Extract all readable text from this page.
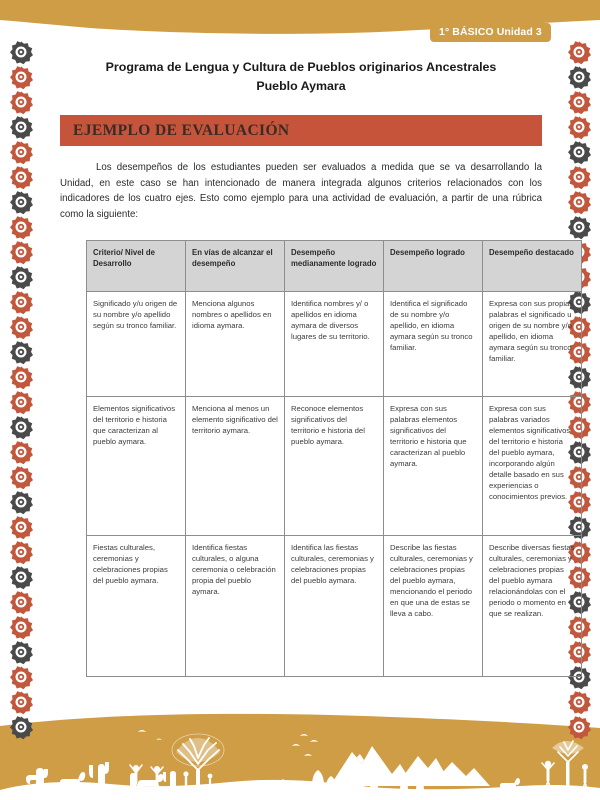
1° BÁSICO Unidad 3
Programa de Lengua y Cultura de Pueblos originarios Ancestrales
Pueblo Aymara
EJEMPLO DE EVALUACIÓN

Los desempeños de los estudiantes pueden ser evaluados a medida que se va desarrollando la Unidad, en este caso se han intencionado de manera integrada algunos criterios relacionados con los indicadores de los cuatro ejes. Esto como ejemplo para una actividad de evaluación, a partir de una rúbrica como la siguiente:

Criterio/ Nivel de Desarrollo	En vías de alcanzar el desempeño	Desempeño medianamente logrado	Desempeño logrado	Desempeño destacado
Significado y/u origen de su nombre y/o apellido según su tronco familiar.	Menciona algunos nombres o apellidos en idioma aymara.	Identifica nombres y/ o apellidos en idioma aymara de diversos lugares de su territorio.	Identifica el significado de su nombre y/o apellido, en idioma aymara según su tronco familiar.	Expresa con sus propias palabras el significado u origen de su nombre y/o apellido, en idioma aymara según su tronco familiar.
Elementos significativos del territorio e historia que caracterizan al pueblo aymara.	Menciona al menos un elemento significativo del territorio aymara.	Reconoce elementos significativos del territorio e historia del pueblo aymara.	Expresa con sus palabras elementos significativos del territorio e historia que caracterizan al pueblo aymara.	Expresa con sus palabras variados elementos significativos del territorio e historia del pueblo aymara, incorporando algún detalle basado en sus experiencias o conocimientos previos.
Fiestas culturales, ceremonias y celebraciones propias del pueblo aymara.	Identifica fiestas culturales, o alguna ceremonia o celebración propia del pueblo aymara.	Identifica las fiestas culturales, ceremonias y celebraciones propias del pueblo aymara.	Describe las fiestas culturales, ceremonias y celebraciones propias del pueblo aymara, mencionando el periodo en que una de estas se lleva a cabo.	Describe diversas fiestas culturales, ceremonias y celebraciones propias del pueblo aymara relacionándolas con el periodo o momento en que se realizan.
